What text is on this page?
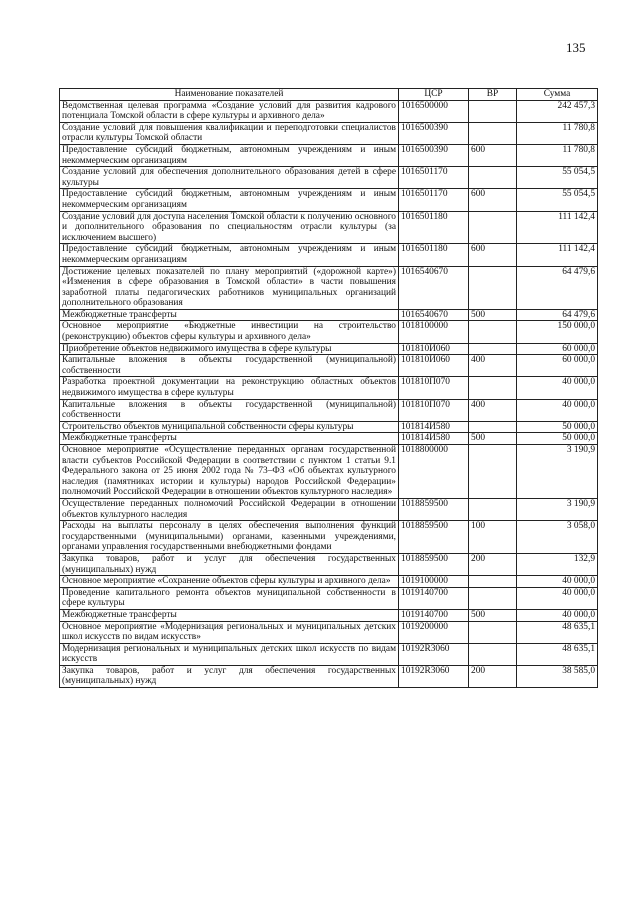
135
Наименование показателей	ЦСР	ВР	Сумма
Ведомственная целевая программа «Создание условий для развития кадрового потенциала Томской области в сфере культуры и архивного дела»	1016500000		242 457,3
Создание условий для повышения квалификации и переподготовки специалистов отрасли культуры Томской области	1016500390		11 780,8
Предоставление субсидий бюджетным, автономным учреждениям и иным некоммерческим организациям	1016500390	600	11 780,8
Создание условий для обеспечения дополнительного образования детей в сфере культуры	1016501170		55 054,5
Предоставление субсидий бюджетным, автономным учреждениям и иным некоммерческим организациям	1016501170	600	55 054,5
Создание условий для доступа населения Томской области к получению основного и дополнительного образования по специальностям отрасли культуры (за исключением высшего)	1016501180		111 142,4
Предоставление субсидий бюджетным, автономным учреждениям и иным некоммерческим организациям	1016501180	600	111 142,4
Достижение целевых показателей по плану мероприятий («дорожной карте») «Изменения в сфере образования в Томской области» в части повышения заработной платы педагогических работников муниципальных организаций дополнительного образования	1016540670		64 479,6
Межбюджетные трансферты	1016540670	500	64 479,6
Основное мероприятие «Бюджетные инвестиции на строительство (реконструкцию) объектов сферы культуры и архивного дела»	1018100000		150 000,0
Приобретение объектов недвижимого имущества в сфере культуры	101810И060		60 000,0
Капитальные вложения в объекты государственной (муниципальной) собственности	101810И060	400	60 000,0
Разработка проектной документации на реконструкцию областных объектов недвижимого имущества в сфере культуры	101810П070		40 000,0
Капитальные вложения в объекты государственной (муниципальной) собственности	101810П070	400	40 000,0
Строительство объектов муниципальной собственности сферы культуры	101814И580		50 000,0
Межбюджетные трансферты	101814И580	500	50 000,0
Основное мероприятие «Осуществление переданных органам государственной власти субъектов Российской Федерации в соответствии с пунктом 1 статьи 9.1 Федерального закона от 25 июня 2002 года № 73–ФЗ «Об объектах культурного наследия (памятниках истории и культуры) народов Российской Федерации» полномочий Российской Федерации в отношении объектов культурного наследия»	1018800000		3 190,9
Осуществление переданных полномочий Российской Федерации в отношении объектов культурного наследия	1018859500		3 190,9
Расходы на выплаты персоналу в целях обеспечения выполнения функций государственными (муниципальными) органами, казенными учреждениями, органами управления государственными внебюджетными фондами	1018859500	100	3 058,0
Закупка товаров, работ и услуг для обеспечения государственных (муниципальных) нужд	1018859500	200	132,9
Основное мероприятие «Сохранение объектов сферы культуры и архивного дела»	1019100000		40 000,0
Проведение капитального ремонта объектов муниципальной собственности в сфере культуры	1019140700		40 000,0
Межбюджетные трансферты	1019140700	500	40 000,0
Основное мероприятие «Модернизация региональных и муниципальных детских школ искусств по видам искусств»	1019200000		48 635,1
Модернизация региональных и муниципальных детских школ искусств по видам искусств	10192R3060		48 635,1
Закупка товаров, работ и услуг для обеспечения государственных (муниципальных) нужд	10192R3060	200	38 585,0
